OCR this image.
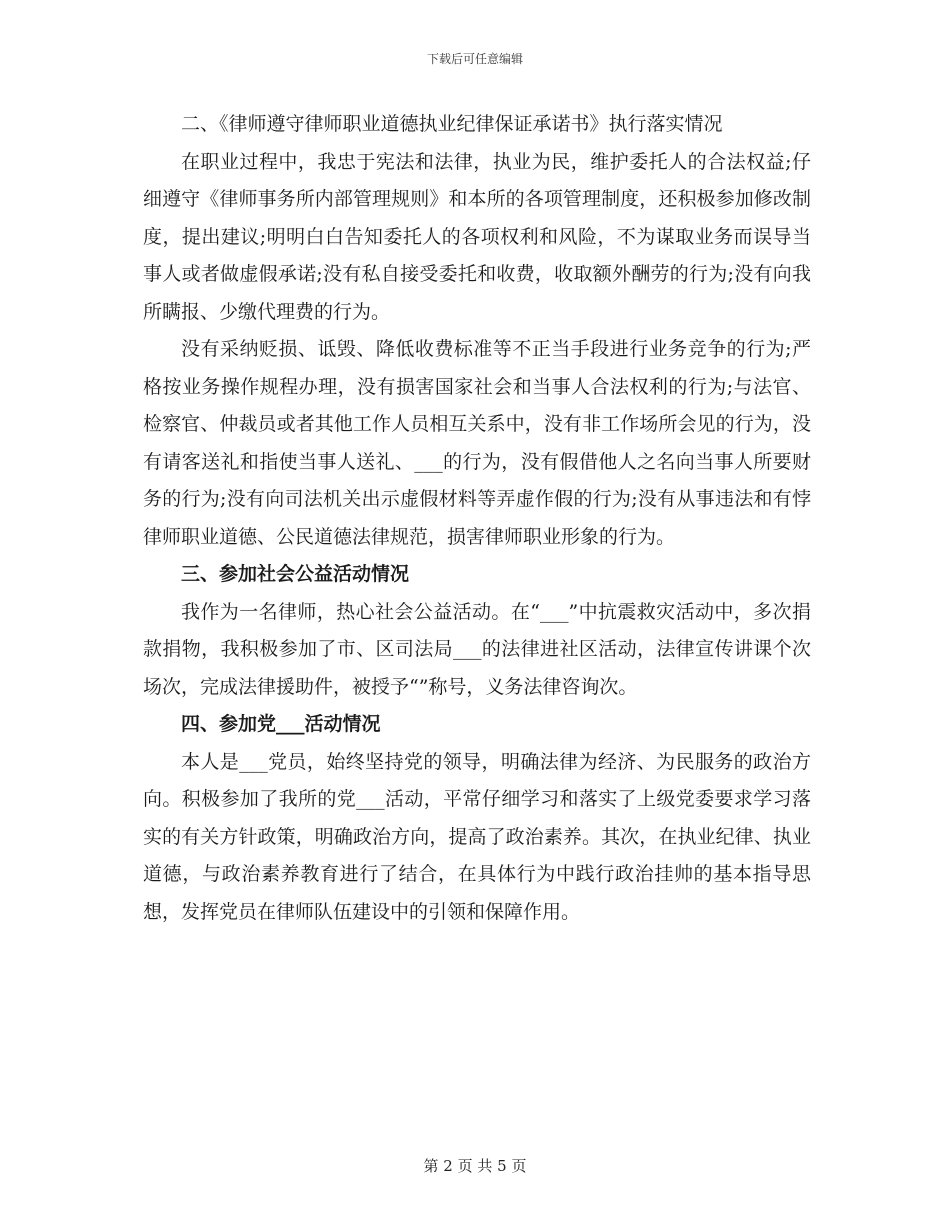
下载后可任意编辑

二、《律师遵守律师职业道德执业纪律保证承诺书》执行落实情况

在职业过程中，我忠于宪法和法律，执业为民，维护委托人的合法权益;仔细遵守《律师事务所内部管理规则》和本所的各项管理制度，还积极参加修改制度，提出建议;明明白白告知委托人的各项权利和风险，不为谋取业务而误导当事人或者做虚假承诺;没有私自接受委托和收费，收取额外酬劳的行为;没有向我所瞒报、少缴代理费的行为。

没有采纳贬损、诋毁、降低收费标准等不正当手段进行业务竞争的行为;严格按业务操作规程办理，没有损害国家社会和当事人合法权利的行为;与法官、检察官、仲裁员或者其他工作人员相互关系中，没有非工作场所会见的行为，没有请客送礼和指使当事人送礼、___的行为，没有假借他人之名向当事人所要财务的行为;没有向司法机关出示虚假材料等弄虚作假的行为;没有从事违法和有悖律师职业道德、公民道德法律规范，损害律师职业形象的行为。

三、参加社会公益活动情况

我作为一名律师，热心社会公益活动。在“___”中抗震救灾活动中，多次捐款捐物，我积极参加了市、区司法局___的法律进社区活动，法律宣传讲课个次场次，完成法律援助件，被授予“”称号，义务法律咨询次。

四、参加党___活动情况

本人是___党员，始终坚持党的领导，明确法律为经济、为民服务的政治方向。积极参加了我所的党___活动，平常仔细学习和落实了上级党委要求学习落实的有关方针政策，明确政治方向，提高了政治素养。其次，在执业纪律、执业道德，与政治素养教育进行了结合，在具体行为中践行政治挂帅的基本指导思想，发挥党员在律师队伍建设中的引领和保障作用。

第 2 页 共 5 页
